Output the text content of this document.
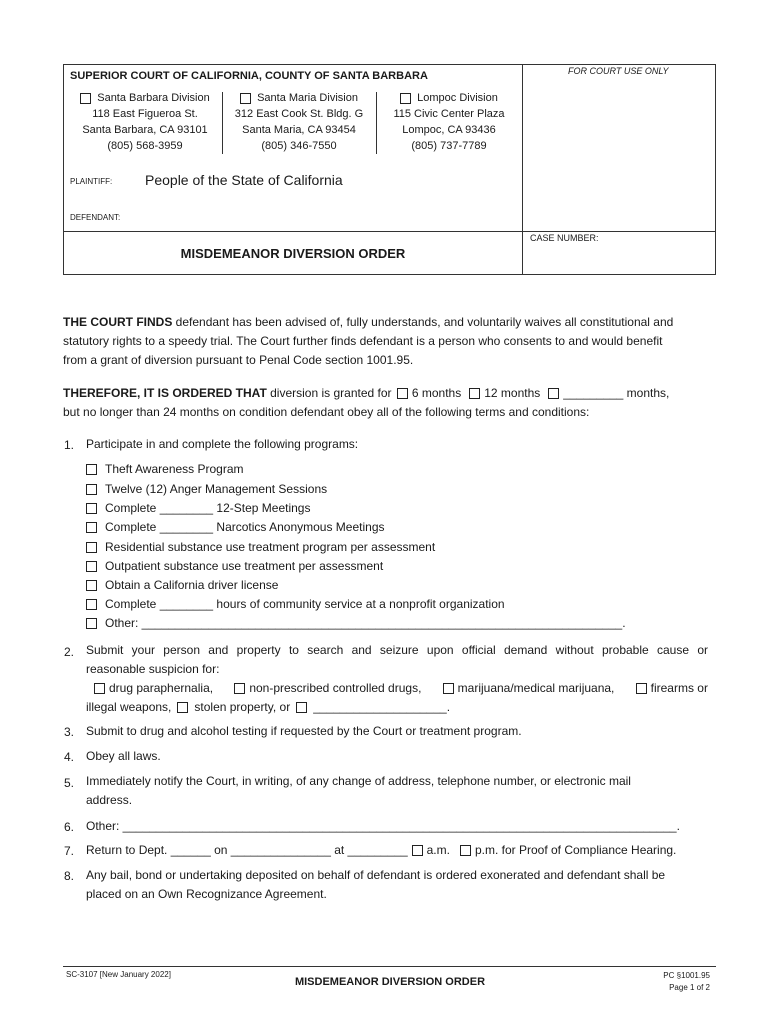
SUPERIOR COURT OF CALIFORNIA, COUNTY OF SANTA BARBARA	FOR COURT USE ONLY
Santa Barbara Division
118 East Figueroa St.
Santa Barbara, CA 93101
(805) 568-3959
Santa Maria Division
312 East Cook St. Bldg. G
Santa Maria, CA 93454
(805) 346-7550
Lompoc Division
115 Civic Center Plaza
Lompoc, CA 93436
(805) 737-7789
PLAINTIFF: People of the State of California
DEFENDANT:
MISDEMEANOR DIVERSION ORDER
CASE NUMBER:
THE COURT FINDS defendant has been advised of, fully understands, and voluntarily waives all constitutional and
statutory rights to a speedy trial. The Court further finds defendant is a person who consents to and would benefit
from a grant of diversion pursuant to Penal Code section 1001.95.
THEREFORE, IT IS ORDERED THAT diversion is granted for 6 months 12 months _________ months,
but no longer than 24 months on condition defendant obey all of the following terms and conditions:
1. Participate in and complete the following programs:
Theft Awareness Program
Twelve (12) Anger Management Sessions
Complete ________ 12-Step Meetings
Complete ________ Narcotics Anonymous Meetings
Residential substance use treatment program per assessment
Outpatient substance use treatment per assessment
Obtain a California driver license
Complete ________ hours of community service at a nonprofit organization
Other: ________________________________________________________________________.
2. Submit your person and property to search and seizure upon official demand without probable cause or
reasonable suspicion for:
drug paraphernalia,	non-prescribed controlled drugs,	marijuana/medical marijuana,	firearms or
illegal weapons, stolen property, or ____________________.
3. Submit to drug and alcohol testing if requested by the Court or treatment program.
4. Obey all laws.
5. Immediately notify the Court, in writing, of any change of address, telephone number, or electronic mail
address.
6. Other: ___________________________________________________________________________________.
7. Return to Dept. ______ on _______________ at _________ a.m. p.m. for Proof of Compliance Hearing.
8. Any bail, bond or undertaking deposited on behalf of defendant is ordered exonerated and defendant shall be
placed on an Own Recognizance Agreement.
SC-3107 [New January 2022]
MISDEMEANOR DIVERSION ORDER
PC §1001.95
Page 1 of 2
